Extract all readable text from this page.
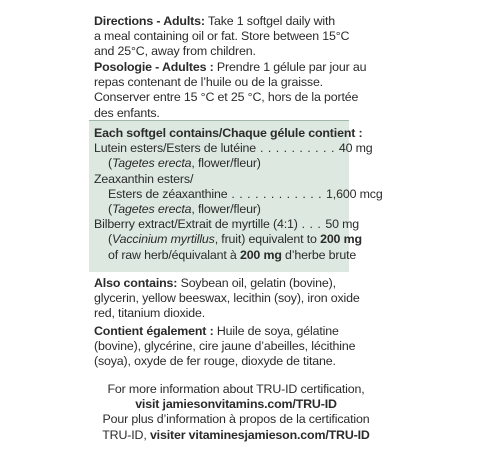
Directions - Adults: Take 1 softgel daily with

a meal containing oil or fat. Store between 15°C

and 25°C, away from children.

Posologie - Adultes : Prendre 1 gélule par jour au

repas contenant de l’huile ou de la graisse.

Conserver entre 15 °C et 25 °C, hors de la portée

des enfants.

Each softgel contains/Chaque gélule contient :

Lutein esters/Esters de lutéine . . . . . . . . . . 40 mg

(Tagetes erecta, flower/fleur)

Zeaxanthin esters/

Esters de zéaxanthine . . . . . . . . . . . . 1,600 mcg

(Tagetes erecta, flower/fleur)

Bilberry extract/Extrait de myrtille (4:1) . . . 50 mg

(Vaccinium myrtillus, fruit) equivalent to 200 mg

of raw herb/équivalant à 200 mg d’herbe brute

Also contains: Soybean oil, gelatin (bovine),

glycerin, yellow beeswax, lecithin (soy), iron oxide

red, titanium dioxide.

Contient également : Huile de soya, gélatine

(bovine), glycérine, cire jaune d’abeilles, lécithine

(soya), oxyde de fer rouge, dioxyde de titane.

For more information about TRU-ID certification,

visit jamiesonvitamins.com/TRU-ID

Pour plus d’information à propos de la certification

TRU-ID, visiter vitaminesjamieson.com/TRU-ID
